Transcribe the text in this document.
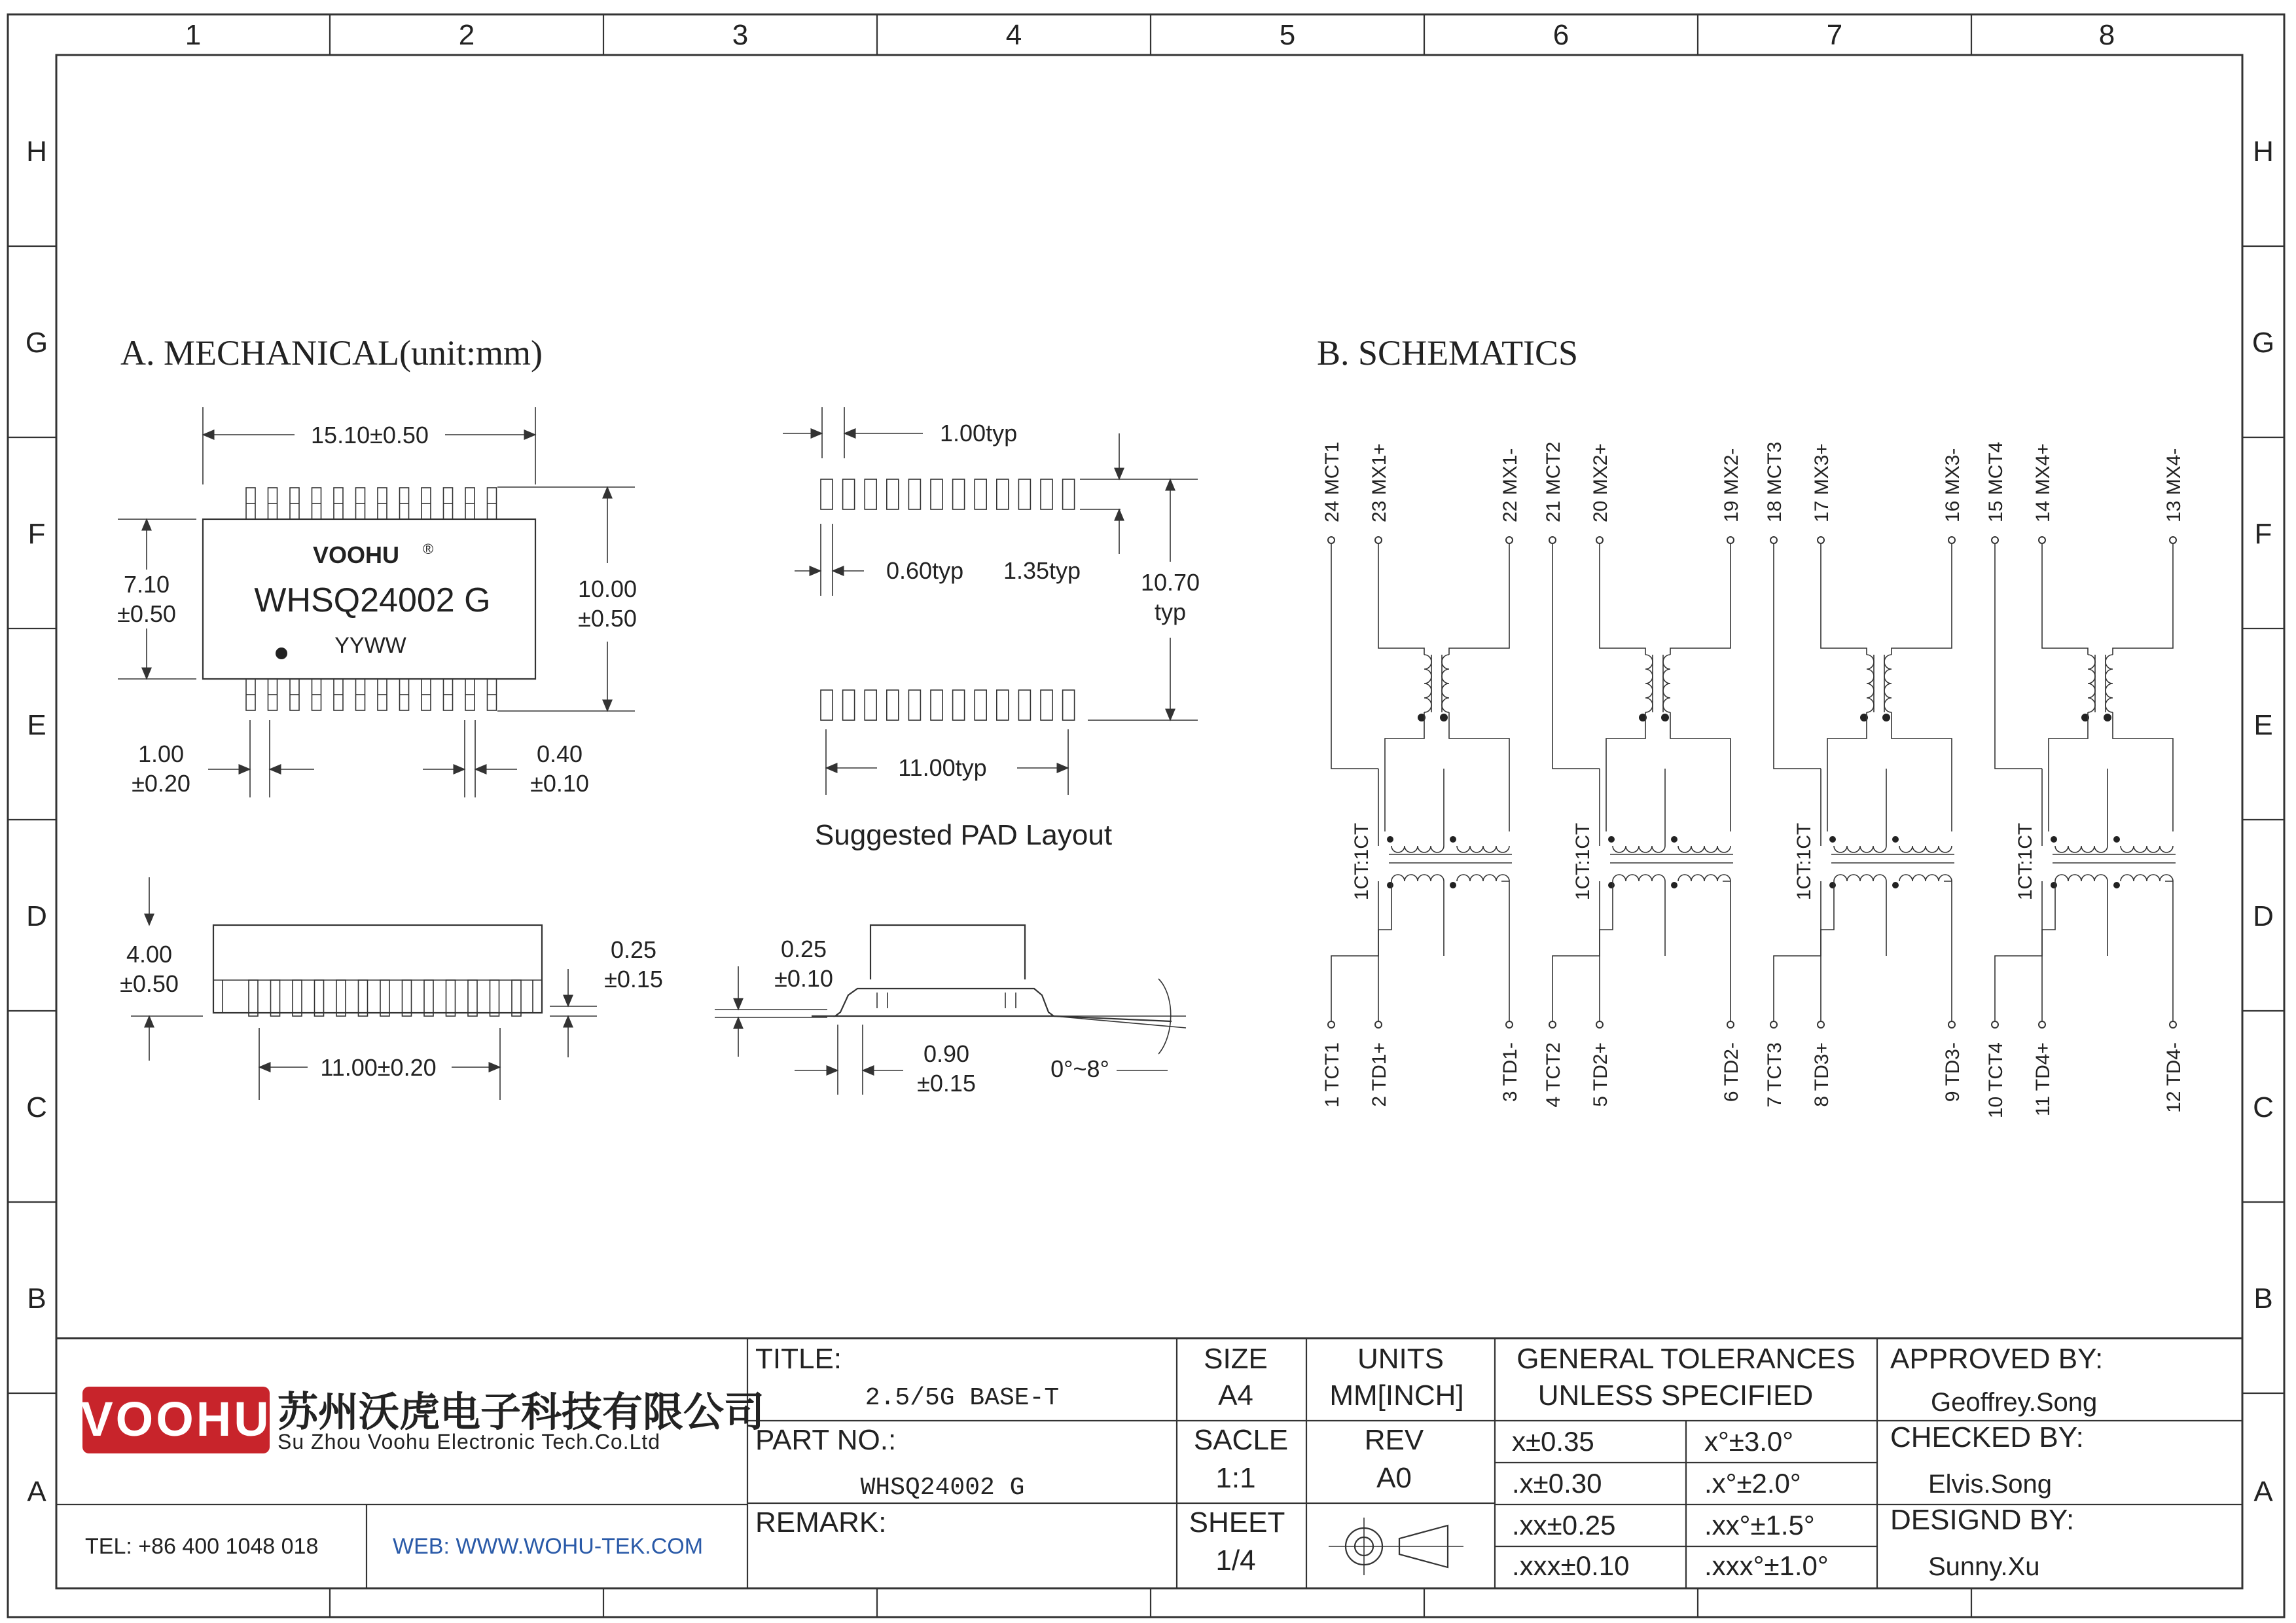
1	2	3	4	5	6	7	8
H	H
G	G
F	F
E	E
D	D
C	C
B	B
A	A
A. MECHANICAL(unit:mm)
VOOHU ®
WHSQ24002 G
YYWW
15.10±0.50
7.10
±0.50
10.00
±0.50
1.00
±0.20
0.40
±0.10
4.00
±0.50
0.25
±0.15
11.00±0.20
1.00typ
0.60typ 1.35typ	10.70
typ
11.00typ
Suggested PAD Layout
0.25
±0.10
0.90
±0.15
0°~8°
B. SCHEMATICS
24 MCT1 23 MX1+	22 MX1-
1 TCT1 2 TD1+	3 TD1-
1CT:1CT
21 MCT2 20 MX2+	19 MX2-
4 TCT2 5 TD2+	6 TD2-
1CT:1CT
18 MCT3 17 MX3+	16 MX3-
7 TCT3 8 TD3+	9 TD3-
1CT:1CT
15 MCT4 14 MX4+	13 MX4-
10 TCT4 11 TD4+	12 TD4-
1CT:1CT
VOOHU 苏州沃虎电子科技有限公司
Su Zhou Voohu Electronic Tech.Co.Ltd
TEL: +86 400 1048 018	WEB: WWW.WOHU-TEK.COM
TITLE:
2.5/5G BASE-T
PART NO.:
WHSQ24002 G
REMARK:
SIZE
A4
UNITS
MM[INCH]
SACLE
1:1
REV
A0
SHEET
1/4
GENERAL TOLERANCES
UNLESS SPECIFIED
x±0.35	x°±3.0°
.x±0.30	.x°±2.0°
.xx±0.25	.xx°±1.5°
.xxx±0.10	.xxx°±1.0°
APPROVED BY:
Geoffrey.Song
CHECKED BY:
Elvis.Song
DESIGND BY:
Sunny.Xu
